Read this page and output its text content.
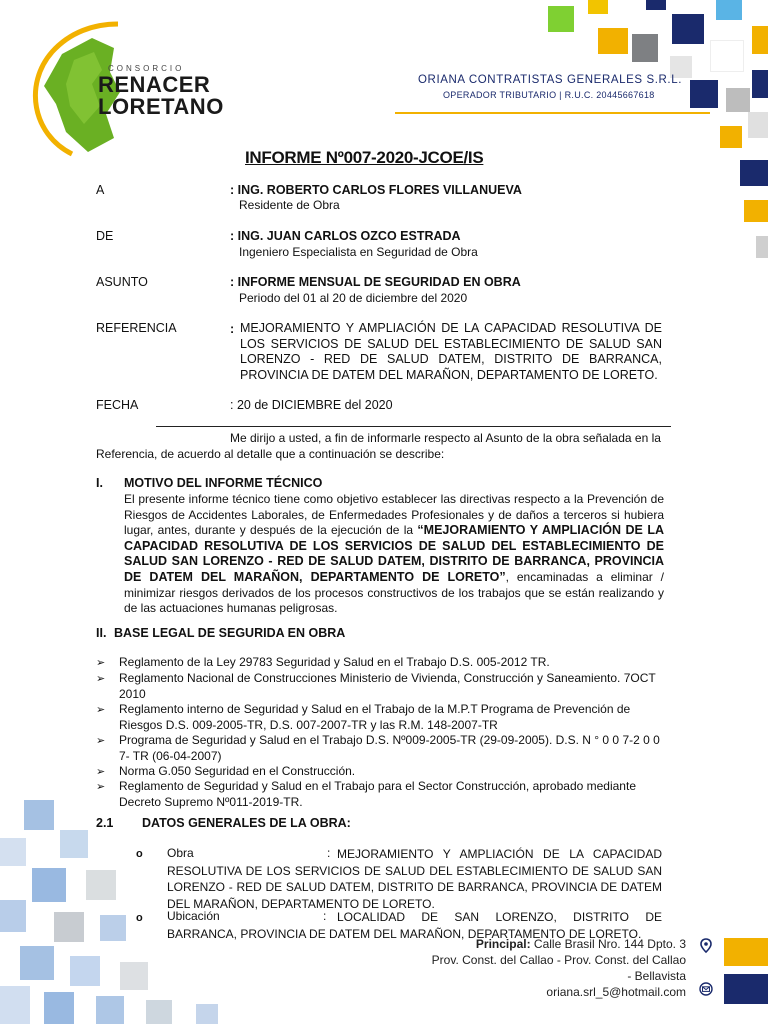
CONSORCIO
RENACER
LORETANO
ORIANA CONTRATISTAS GENERALES S.R.L.
OPERADOR TRIBUTARIO | R.U.C. 20445667618
INFORME Nº007-2020-JCOE/IS
A	: ING. ROBERTO CARLOS FLORES VILLANUEVA
Residente de Obra
DE	: ING. JUAN CARLOS OZCO ESTRADA
Ingeniero Especialista en Seguridad de Obra
ASUNTO	: INFORME MENSUAL DE SEGURIDAD EN OBRA
Periodo del 01 al 20 de diciembre del 2020
REFERENCIA	: MEJORAMIENTO Y AMPLIACIÓN DE LA CAPACIDAD RESOLUTIVA DE LOS SERVICIOS DE SALUD DEL ESTABLECIMIENTO DE SALUD SAN LORENZO - RED DE SALUD DATEM, DISTRITO DE BARRANCA, PROVINCIA DE DATEM DEL MARAÑON, DEPARTAMENTO DE LORETO.
FECHA	: 20 de DICIEMBRE del 2020
Me dirijo a usted, a fin de informarle respecto al Asunto de la obra señalada en la
Referencia, de acuerdo al detalle que a continuación se describe:
I. MOTIVO DEL INFORME TÉCNICO
El presente informe técnico tiene como objetivo establecer las directivas respecto a la Prevención de Riesgos de Accidentes Laborales, de Enfermedades Profesionales y de daños a terceros si hubiera lugar, antes, durante y después de la ejecución de la “MEJORAMIENTO Y AMPLIACIÓN DE LA CAPACIDAD RESOLUTIVA DE LOS SERVICIOS DE SALUD DEL ESTABLECIMIENTO DE SALUD SAN LORENZO - RED DE SALUD DATEM, DISTRITO DE BARRANCA, PROVINCIA DE DATEM DEL MARAÑON, DEPARTAMENTO DE LORETO”, encaminadas a eliminar / minimizar riesgos derivados de los procesos constructivos de los trabajos que se están realizando y de las actuaciones humanas peligrosas.
II. BASE LEGAL DE SEGURIDA EN OBRA
➢ Reglamento de la Ley 29783 Seguridad y Salud en el Trabajo D.S. 005-2012 TR.
➢ Reglamento Nacional de Construcciones Ministerio de Vivienda, Construcción y Saneamiento. 7OCT 2010
➢ Reglamento interno de Seguridad y Salud en el Trabajo de la M.P.T Programa de Prevención de Riesgos D.S. 009-2005-TR, D.S. 007-2007-TR y las R.M. 148-2007-TR
➢ Programa de Seguridad y Salud en el Trabajo D.S. Nº009-2005-TR (29-09-2005). D.S. N ° 0 0 7-2 0 0 7- TR (06-04-2007)
➢ Norma G.050 Seguridad en el Construcción.
➢ Reglamento de Seguridad y Salud en el Trabajo para el Sector Construcción, aprobado mediante Decreto Supremo Nº011-2019-TR.
2.1 DATOS GENERALES DE LA OBRA:
o Obra	: MEJORAMIENTO Y AMPLIACIÓN DE LA CAPACIDAD RESOLUTIVA DE LOS SERVICIOS DE SALUD DEL ESTABLECIMIENTO DE SALUD SAN LORENZO - RED DE SALUD DATEM, DISTRITO DE BARRANCA, PROVINCIA DE DATEM DEL MARAÑON, DEPARTAMENTO DE LORETO.
o Ubicación	: LOCALIDAD DE SAN LORENZO, DISTRITO DE BARRANCA, PROVINCIA DE DATEM DEL MARAÑON, DEPARTAMENTO DE LORETO.
Principal: Calle Brasil Nro. 144 Dpto. 3
Prov. Const. del Callao - Prov. Const. del Callao
- Bellavista
oriana.srl_5@hotmail.com
